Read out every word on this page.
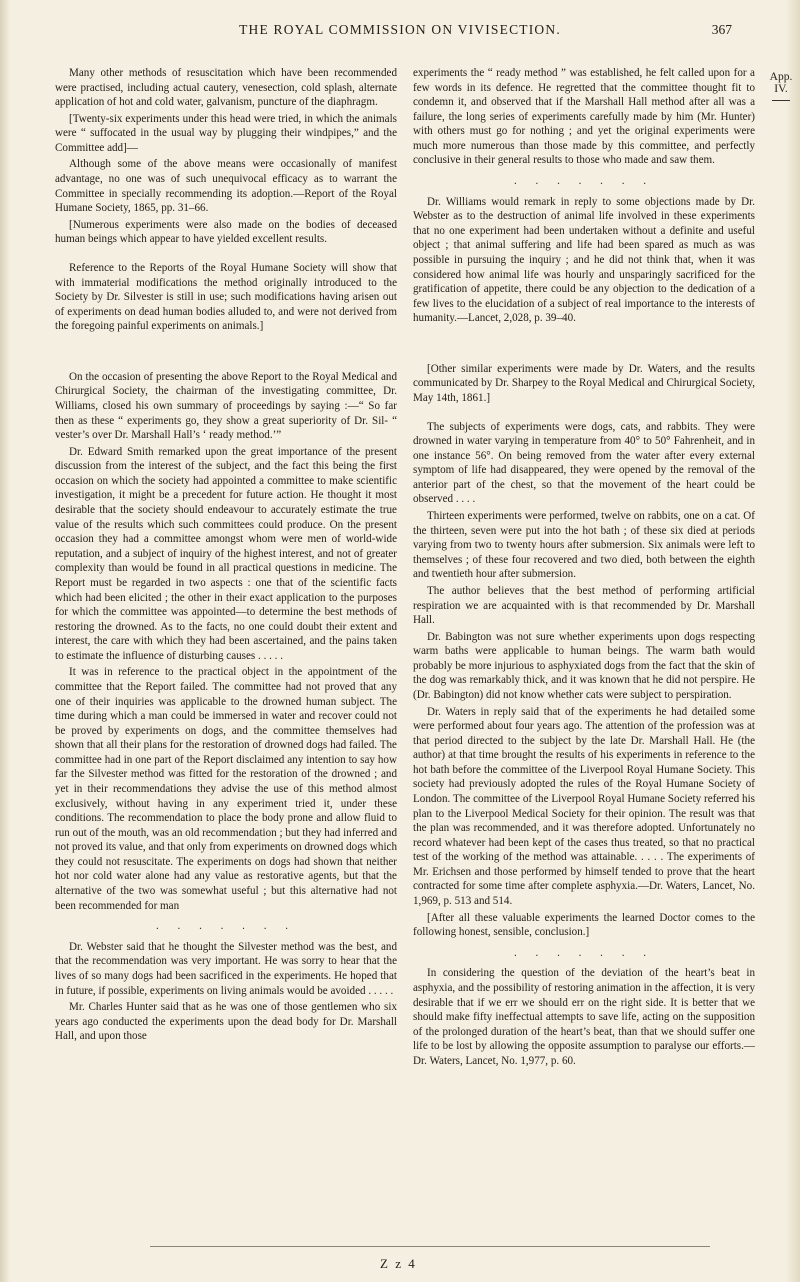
THE ROYAL COMMISSION ON VIVISECTION.	367
App. IV.

Many other methods of resuscitation which have been recommended were practised, including actual cautery, venesection, cold splash, alternate application of hot and cold water, galvanism, puncture of the diaphragm.

[Twenty-six experiments under this head were tried, in which the animals were “ suffocated in the usual way by plugging their windpipes,” and the Committee add]—

Although some of the above means were occasionally of manifest advantage, no one was of such unequivocal efficacy as to warrant the Committee in specially recommending its adoption.—Report of the Royal Humane Society, 1865, pp. 31–66.

[Numerous experiments were also made on the bodies of deceased human beings which appear to have yielded excellent results.

Reference to the Reports of the Royal Humane Society will show that with immaterial modifications the method originally introduced to the Society by Dr. Silvester is still in use; such modifications having arisen out of experiments on dead human bodies alluded to, and were not derived from the foregoing painful experiments on animals.]

On the occasion of presenting the above Report to the Royal Medical and Chirurgical Society, the chairman of the investigating committee, Dr. Williams, closed his own summary of proceedings by saying :—“ So far then as these “ experiments go, they show a great superiority of Dr. Sil- “ vester’s over Dr. Marshall Hall’s ‘ ready method.’”

Dr. Edward Smith remarked upon the great importance of the present discussion from the interest of the subject, and the fact this being the first occasion on which the society had appointed a committee to make scientific investigation, it might be a precedent for future action. He thought it most desirable that the society should endeavour to accurately estimate the true value of the results which such committees could produce. On the present occasion they had a committee amongst whom were men of world-wide reputation, and a subject of inquiry of the highest interest, and not of greater complexity than would be found in all practical questions in medicine. The Report must be regarded in two aspects : one that of the scientific facts which had been elicited ; the other in their exact application to the purposes for which the committee was appointed—to determine the best methods of restoring the drowned. As to the facts, no one could doubt their extent and interest, the care with which they had been ascertained, and the pains taken to estimate the influence of disturbing causes . . . . .

It was in reference to the practical object in the appointment of the committee that the Report failed. The committee had not proved that any one of their inquiries was applicable to the drowned human subject. The time during which a man could be immersed in water and recover could not be proved by experiments on dogs, and the committee themselves had shown that all their plans for the restoration of drowned dogs had failed. The committee had in one part of the Report disclaimed any intention to say how far the Silvester method was fitted for the restoration of the drowned ; and yet in their recommendations they advise the use of this method almost exclusively, without having in any experiment tried it, under these conditions. The recommendation to place the body prone and allow fluid to run out of the mouth, was an old recommendation ; but they had inferred and not proved its value, and that only from experiments on drowned dogs which they could not resuscitate. The experiments on dogs had shown that neither hot nor cold water alone had any value as restorative agents, but that the alternative of the two was somewhat useful ; but this alternative had not been recommended for man

. . . . . . .

Dr. Webster said that he thought the Silvester method was the best, and that the recommendation was very important. He was sorry to hear that the lives of so many dogs had been sacrificed in the experiments. He hoped that in future, if possible, experiments on living animals would be avoided . . . . .

Mr. Charles Hunter said that as he was one of those gentlemen who six years ago conducted the experiments upon the dead body for Dr. Marshall Hall, and upon those

experiments the “ ready method ” was established, he felt called upon for a few words in its defence. He regretted that the committee thought fit to condemn it, and observed that if the Marshall Hall method after all was a failure, the long series of experiments carefully made by him (Mr. Hunter) with others must go for nothing ; and yet the original experiments were much more numerous than those made by this committee, and perfectly conclusive in their general results to those who made and saw them.

. . . . . . .

Dr. Williams would remark in reply to some objections made by Dr. Webster as to the destruction of animal life involved in these experiments that no one experiment had been undertaken without a definite and useful object ; that animal suffering and life had been spared as much as was possible in pursuing the inquiry ; and he did not think that, when it was considered how animal life was hourly and unsparingly sacrificed for the gratification of appetite, there could be any objection to the dedication of a few lives to the elucidation of a subject of real importance to the interests of humanity.—Lancet, 2,028, p. 39–40.

[Other similar experiments were made by Dr. Waters, and the results communicated by Dr. Sharpey to the Royal Medical and Chirurgical Society, May 14th, 1861.]

The subjects of experiments were dogs, cats, and rabbits. They were drowned in water varying in temperature from 40° to 50° Fahrenheit, and in one instance 56°. On being removed from the water after every external symptom of life had disappeared, they were opened by the removal of the anterior part of the chest, so that the movement of the heart could be observed . . . .

Thirteen experiments were performed, twelve on rabbits, one on a cat. Of the thirteen, seven were put into the hot bath ; of these six died at periods varying from two to twenty hours after submersion. Six animals were left to themselves ; of these four recovered and two died, both between the eighth and twentieth hour after submersion.

The author believes that the best method of performing artificial respiration we are acquainted with is that recommended by Dr. Marshall Hall.

Dr. Babington was not sure whether experiments upon dogs respecting warm baths were applicable to human beings. The warm bath would probably be more injurious to asphyxiated dogs from the fact that the skin of the dog was remarkably thick, and it was known that he did not perspire. He (Dr. Babington) did not know whether cats were subject to perspiration.

Dr. Waters in reply said that of the experiments he had detailed some were performed about four years ago. The attention of the profession was at that period directed to the subject by the late Dr. Marshall Hall. He (the author) at that time brought the results of his experiments in reference to the hot bath before the committee of the Liverpool Royal Humane Society. This society had previously adopted the rules of the Royal Humane Society of London. The committee of the Liverpool Royal Humane Society referred his plan to the Liverpool Medical Society for their opinion. The result was that the plan was recommended, and it was therefore adopted. Unfortunately no record whatever had been kept of the cases thus treated, so that no practical test of the working of the method was attainable. . . . . The experiments of Mr. Erichsen and those performed by himself tended to prove that the heart contracted for some time after complete asphyxia.—Dr. Waters, Lancet, No. 1,969, p. 513 and 514.

[After all these valuable experiments the learned Doctor comes to the following honest, sensible, conclusion.]

. . . . . . .

In considering the question of the deviation of the heart’s beat in asphyxia, and the possibility of restoring animation in the affection, it is very desirable that if we err we should err on the right side. It is better that we should make fifty ineffectual attempts to save life, acting on the supposition of the prolonged duration of the heart’s beat, than that we should suffer one life to be lost by allowing the opposite assumption to paralyse our efforts.—Dr. Waters, Lancet, No. 1,977, p. 60.

Z z 4
